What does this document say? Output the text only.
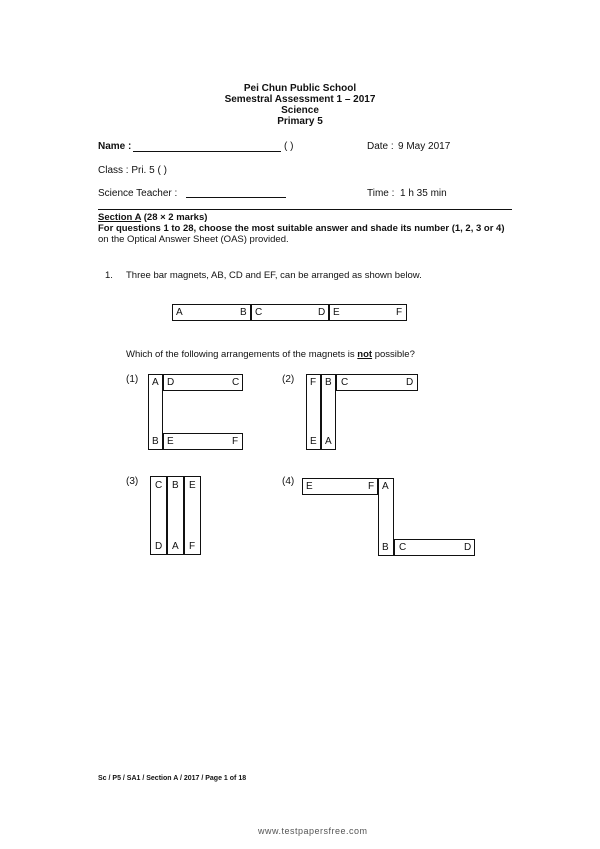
Pei Chun Public School
Semestral Assessment 1 – 2017
Science
Primary 5
Name :	( )	Date : 9 May 2017
Class : Pri. 5 ( )
Science Teacher :	Time : 1 h 35 min
Section A (28 × 2 marks)
For questions 1 to 28, choose the most suitable answer and shade its number (1, 2, 3 or 4)
on the Optical Answer Sheet (OAS) provided.
1. Three bar magnets, AB, CD and EF, can be arranged as shown below.
A	B C	D E	F
Which of the following arrangements of the magnets is not possible?
(1) A D	C
B E	F
(2) F B C	D
E A
(3) C B E
D A F
(4) E	F A
B C	D
Sc / P5 / SA1 / Section A / 2017 / Page 1 of 18
www.testpapersfree.com
